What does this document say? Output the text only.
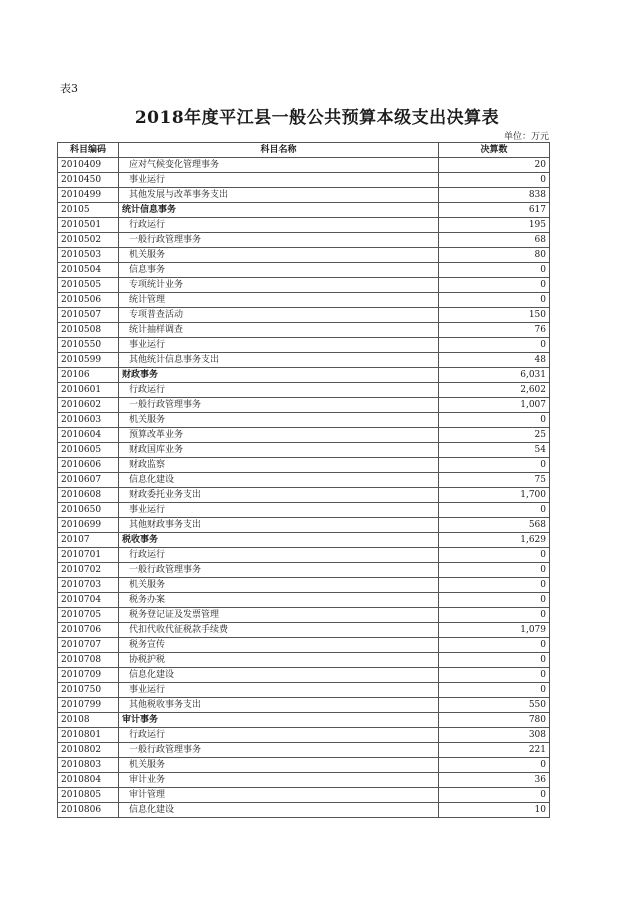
表3
2018年度平江县一般公共预算本级支出决算表
单位：万元
科目编码	科目名称	决算数
2010409	应对气候变化管理事务	20
2010450	事业运行	0
2010499	其他发展与改革事务支出	838
20105	统计信息事务	617
2010501	行政运行	195
2010502	一般行政管理事务	68
2010503	机关服务	80
2010504	信息事务	0
2010505	专项统计业务	0
2010506	统计管理	0
2010507	专项普查活动	150
2010508	统计抽样调查	76
2010550	事业运行	0
2010599	其他统计信息事务支出	48
20106	财政事务	6,031
2010601	行政运行	2,602
2010602	一般行政管理事务	1,007
2010603	机关服务	0
2010604	预算改革业务	25
2010605	财政国库业务	54
2010606	财政监察	0
2010607	信息化建设	75
2010608	财政委托业务支出	1,700
2010650	事业运行	0
2010699	其他财政事务支出	568
20107	税收事务	1,629
2010701	行政运行	0
2010702	一般行政管理事务	0
2010703	机关服务	0
2010704	税务办案	0
2010705	税务登记证及发票管理	0
2010706	代扣代收代征税款手续费	1,079
2010707	税务宣传	0
2010708	协税护税	0
2010709	信息化建设	0
2010750	事业运行	0
2010799	其他税收事务支出	550
20108	审计事务	780
2010801	行政运行	308
2010802	一般行政管理事务	221
2010803	机关服务	0
2010804	审计业务	36
2010805	审计管理	0
2010806	信息化建设	10
